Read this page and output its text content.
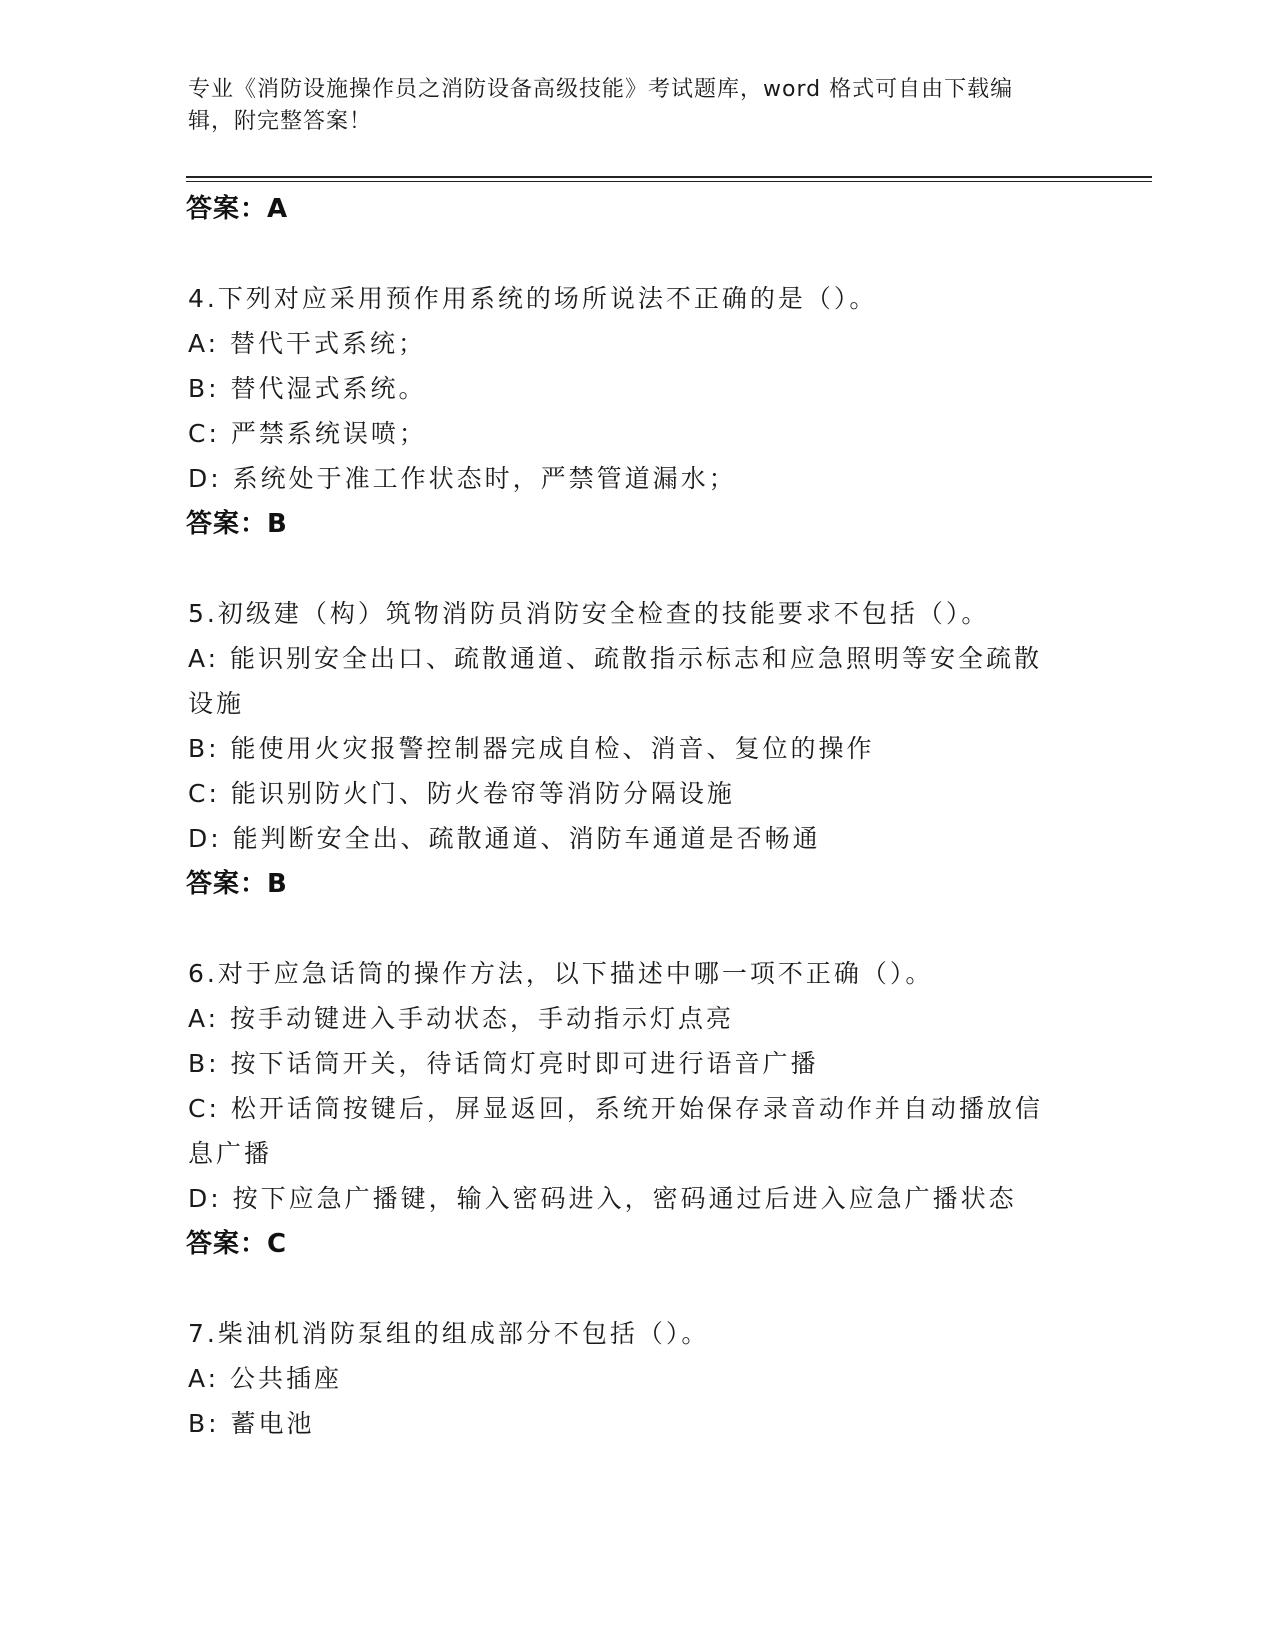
专业《消防设施操作员之消防设备高级技能》考试题库，word 格式可自由下载编
辑，附完整答案！
答案：A
4.下列对应采用预作用系统的场所说法不正确的是（）。
A: 替代干式系统；
B: 替代湿式系统。
C: 严禁系统误喷；
D: 系统处于准工作状态时，严禁管道漏水；
答案：B
5.初级建（构）筑物消防员消防安全检查的技能要求不包括（）。
A: 能识别安全出口、疏散通道、疏散指示标志和应急照明等安全疏散
设施
B: 能使用火灾报警控制器完成自检、消音、复位的操作
C: 能识别防火门、防火卷帘等消防分隔设施
D: 能判断安全出、疏散通道、消防车通道是否畅通
答案：B
6.对于应急话筒的操作方法，以下描述中哪一项不正确（）。
A: 按手动键进入手动状态，手动指示灯点亮
B: 按下话筒开关，待话筒灯亮时即可进行语音广播
C: 松开话筒按键后，屏显返回，系统开始保存录音动作并自动播放信
息广播
D: 按下应急广播键，输入密码进入，密码通过后进入应急广播状态
答案：C
7.柴油机消防泵组的组成部分不包括（）。
A: 公共插座
B: 蓄电池
